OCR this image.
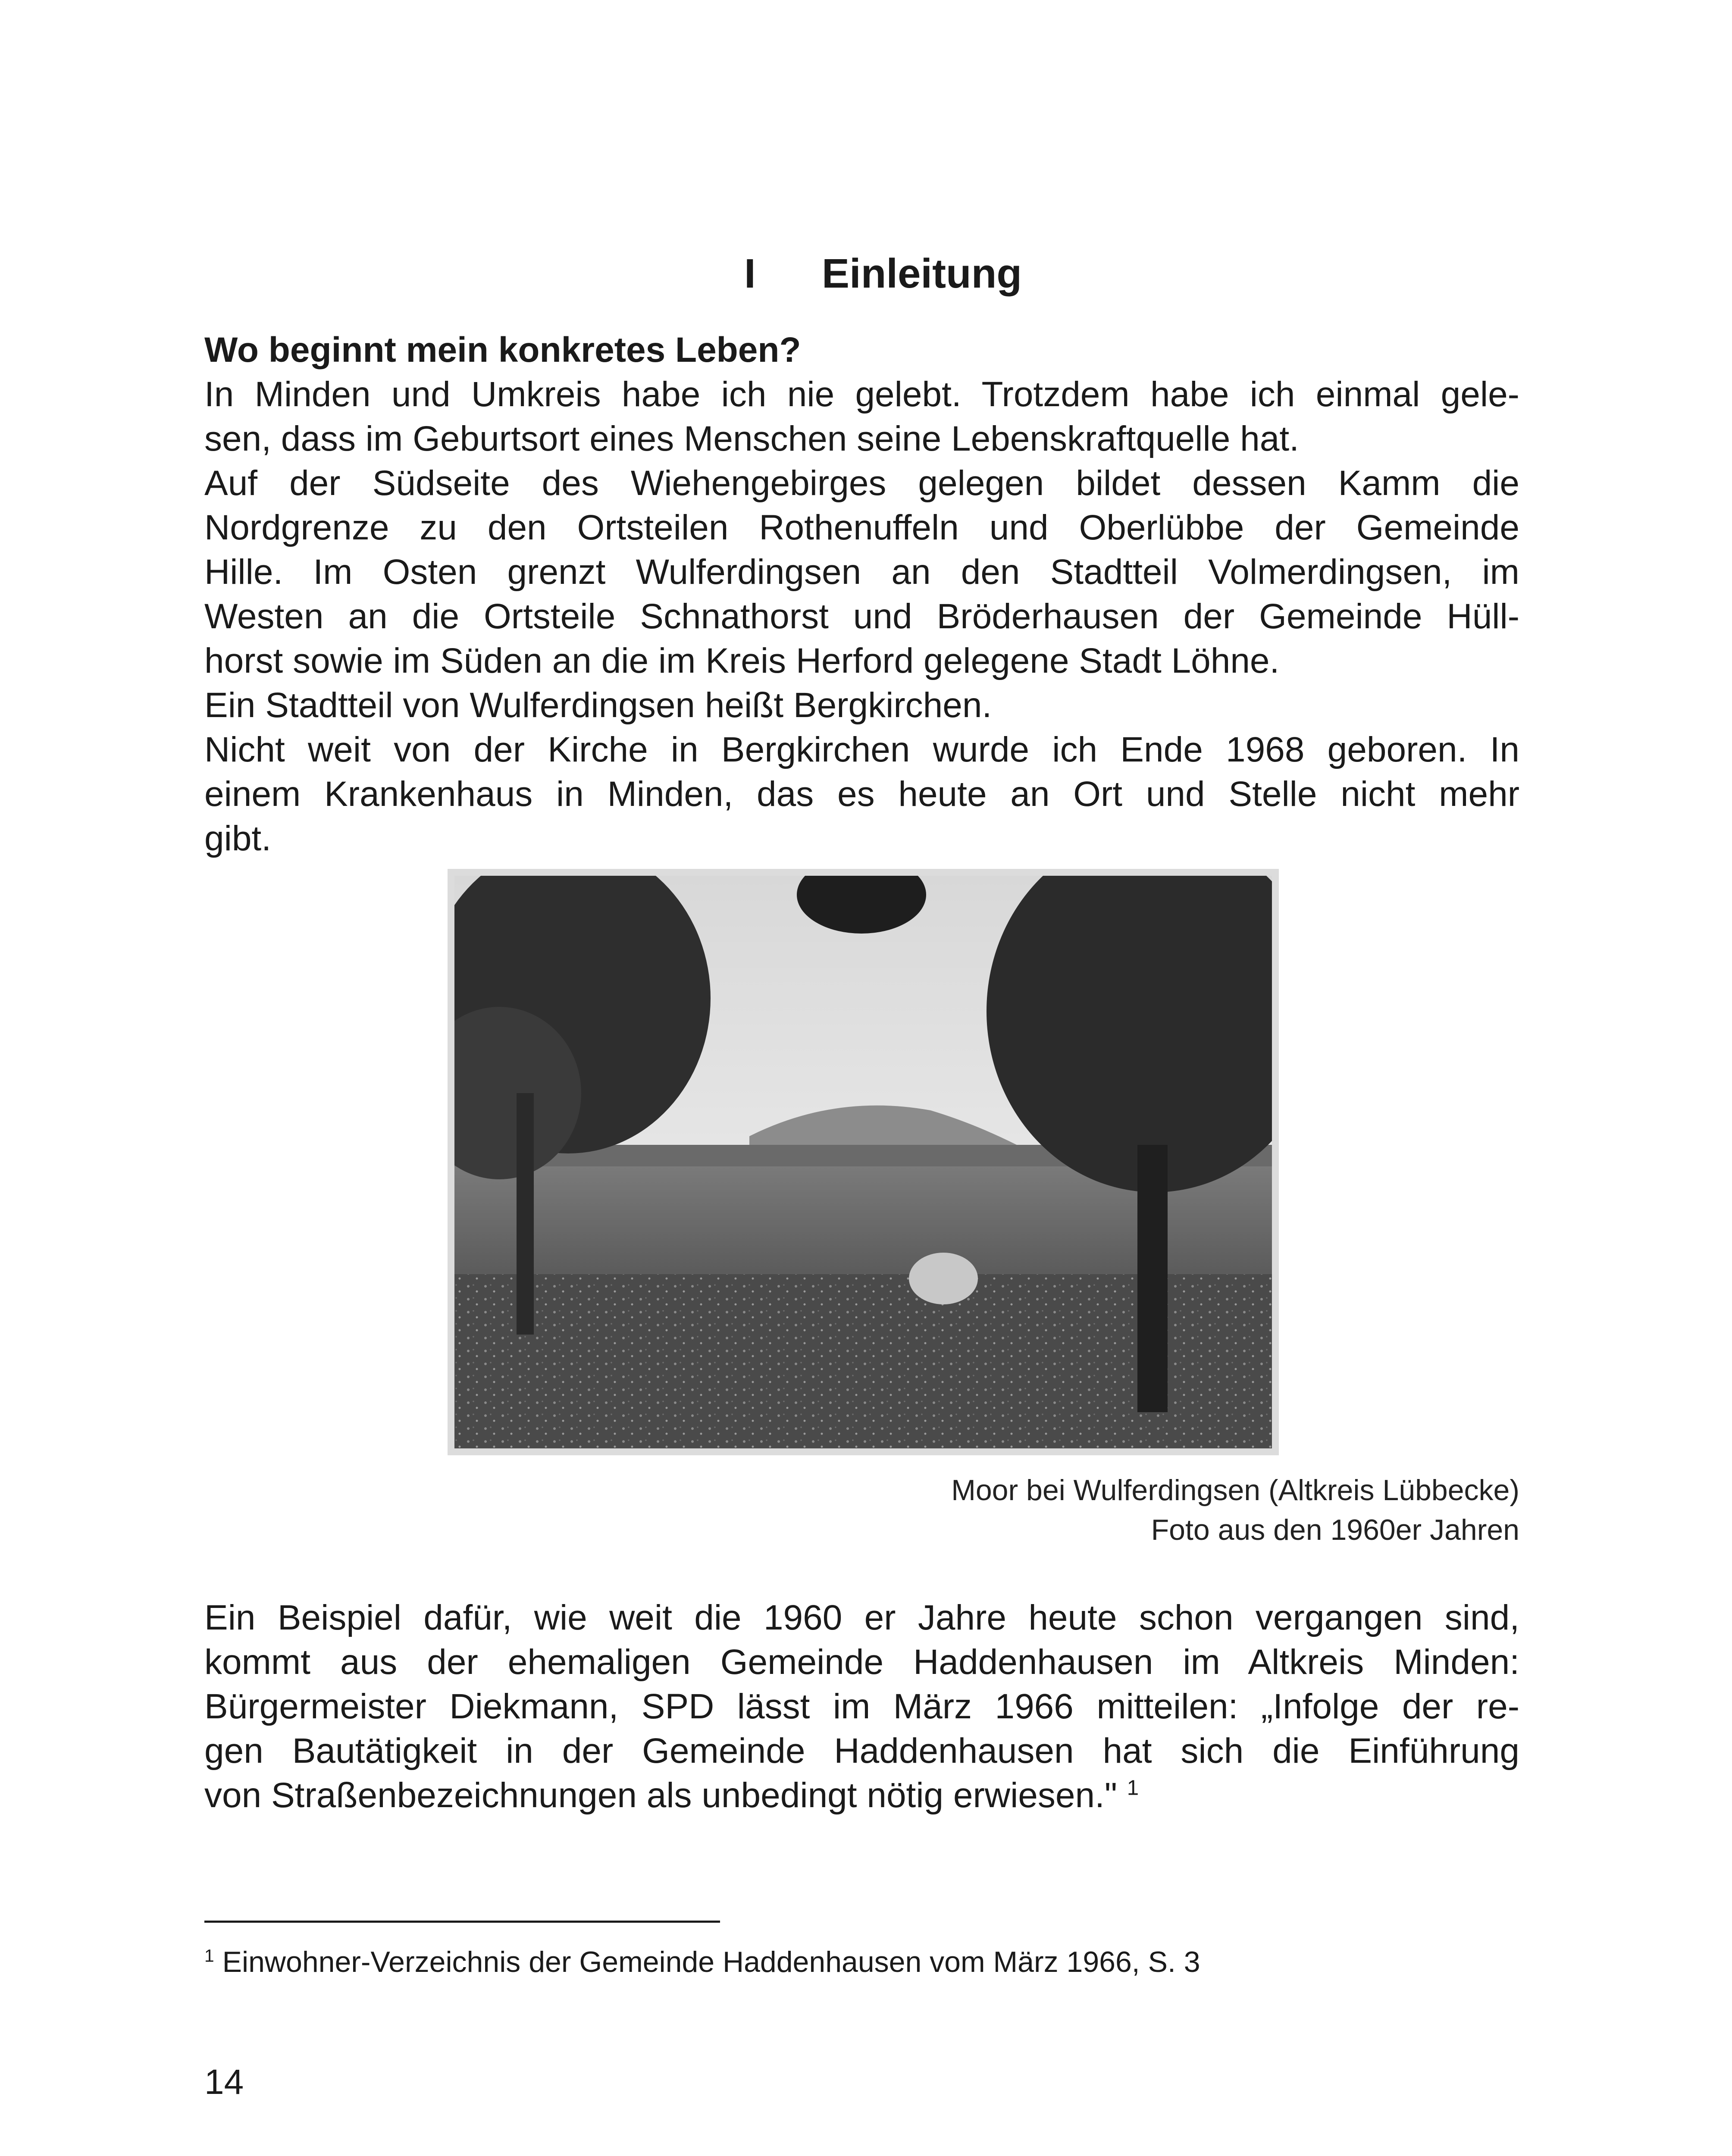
I Einleitung
Wo beginnt mein konkretes Leben?
In Minden und Umkreis habe ich nie gelebt. Trotzdem habe ich einmal gele-
sen, dass im Geburtsort eines Menschen seine Lebenskraftquelle hat.
Auf der Südseite des Wiehengebirges gelegen bildet dessen Kamm die
Nordgrenze zu den Ortsteilen Rothenuffeln und Oberlübbe der Gemeinde
Hille. Im Osten grenzt Wulferdingsen an den Stadtteil Volmerdingsen, im
Westen an die Ortsteile Schnathorst und Bröderhausen der Gemeinde Hüll-
horst sowie im Süden an die im Kreis Herford gelegene Stadt Löhne.
Ein Stadtteil von Wulferdingsen heißt Bergkirchen.
Nicht weit von der Kirche in Bergkirchen wurde ich Ende 1968 geboren. In
einem Krankenhaus in Minden, das es heute an Ort und Stelle nicht mehr
gibt.
Moor bei Wulferdingsen (Altkreis Lübbecke)
Foto aus den 1960er Jahren
Ein Beispiel dafür, wie weit die 1960 er Jahre heute schon vergangen sind,
kommt aus der ehemaligen Gemeinde Haddenhausen im Altkreis Minden:
Bürgermeister Diekmann, SPD lässt im März 1966 mitteilen: „Infolge der re-
gen Bautätigkeit in der Gemeinde Haddenhausen hat sich die Einführung
von Straßenbezeichnungen als unbedingt nötig erwiesen." $^1$
$^1$ Einwohner-Verzeichnis der Gemeinde Haddenhausen vom März 1966, S. 3
14
